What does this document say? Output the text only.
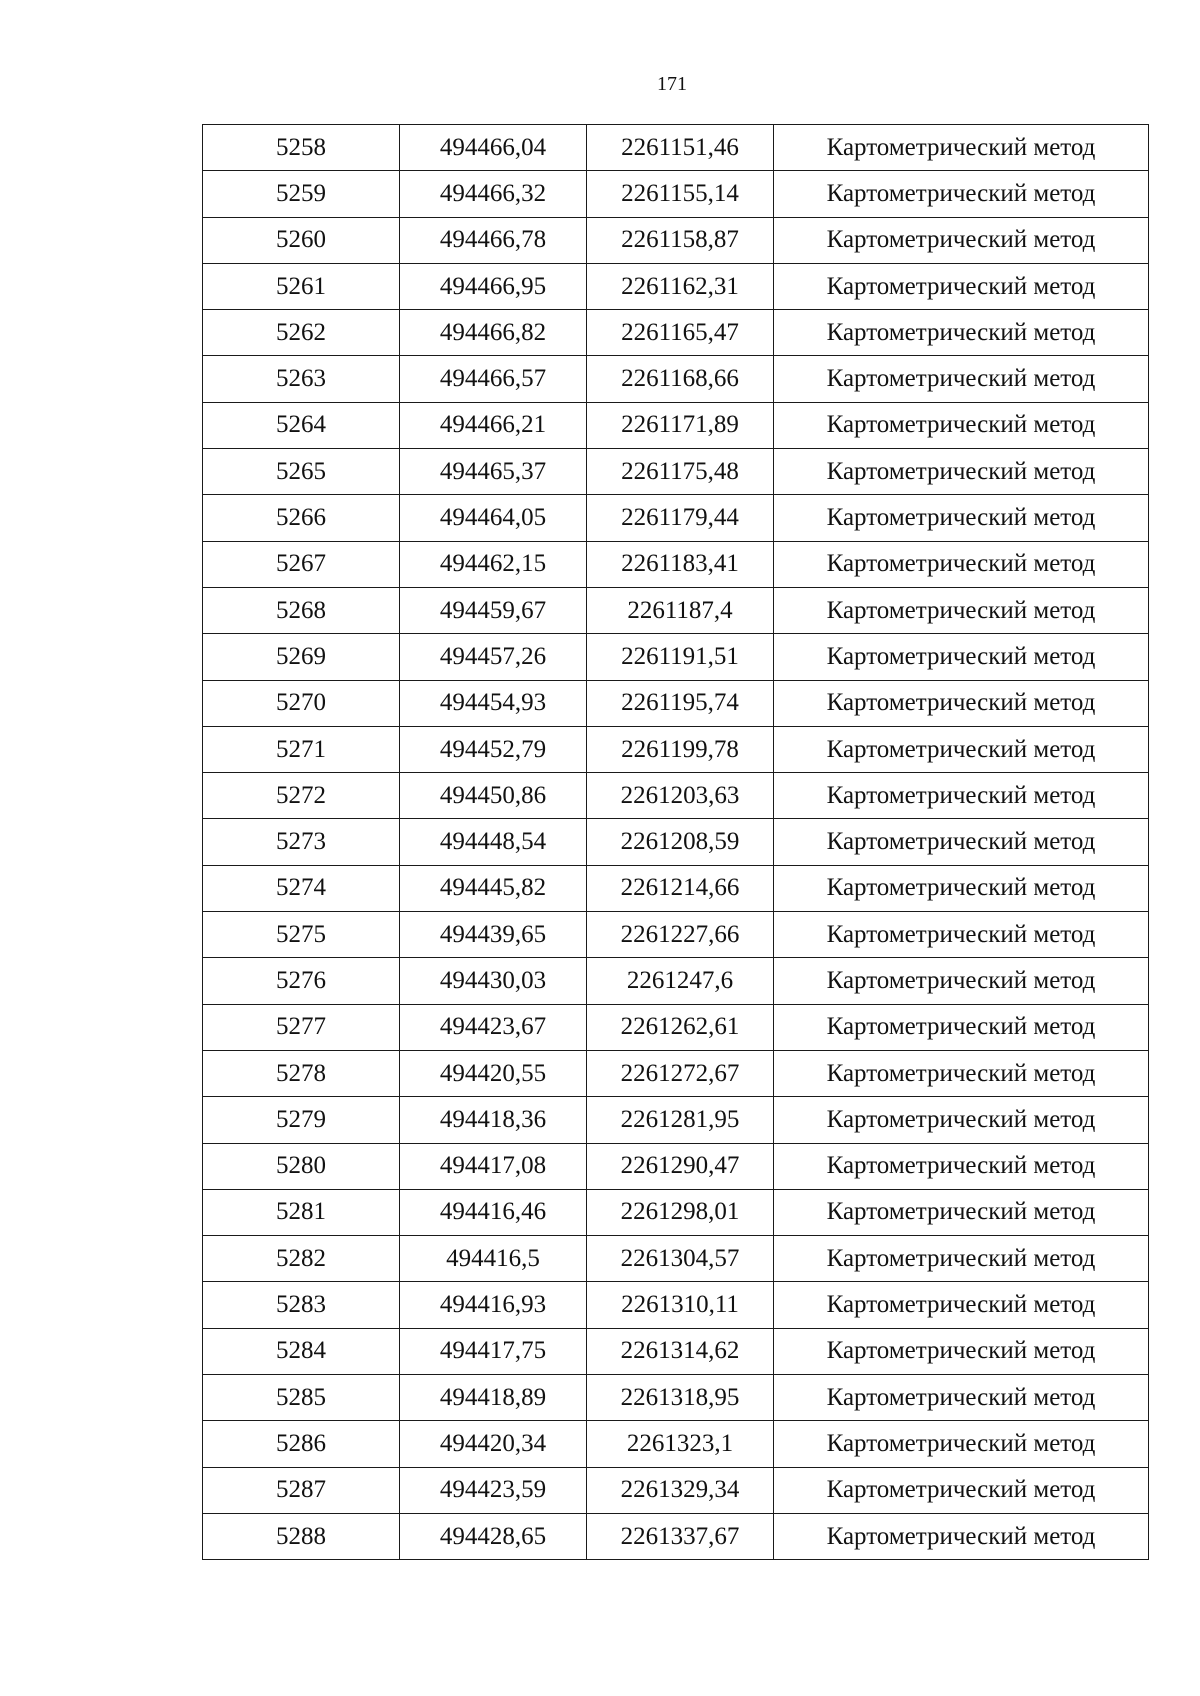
171
5258	494466,04	2261151,46	Картометрический метод
5259	494466,32	2261155,14	Картометрический метод
5260	494466,78	2261158,87	Картометрический метод
5261	494466,95	2261162,31	Картометрический метод
5262	494466,82	2261165,47	Картометрический метод
5263	494466,57	2261168,66	Картометрический метод
5264	494466,21	2261171,89	Картометрический метод
5265	494465,37	2261175,48	Картометрический метод
5266	494464,05	2261179,44	Картометрический метод
5267	494462,15	2261183,41	Картометрический метод
5268	494459,67	2261187,4	Картометрический метод
5269	494457,26	2261191,51	Картометрический метод
5270	494454,93	2261195,74	Картометрический метод
5271	494452,79	2261199,78	Картометрический метод
5272	494450,86	2261203,63	Картометрический метод
5273	494448,54	2261208,59	Картометрический метод
5274	494445,82	2261214,66	Картометрический метод
5275	494439,65	2261227,66	Картометрический метод
5276	494430,03	2261247,6	Картометрический метод
5277	494423,67	2261262,61	Картометрический метод
5278	494420,55	2261272,67	Картометрический метод
5279	494418,36	2261281,95	Картометрический метод
5280	494417,08	2261290,47	Картометрический метод
5281	494416,46	2261298,01	Картометрический метод
5282	494416,5	2261304,57	Картометрический метод
5283	494416,93	2261310,11	Картометрический метод
5284	494417,75	2261314,62	Картометрический метод
5285	494418,89	2261318,95	Картометрический метод
5286	494420,34	2261323,1	Картометрический метод
5287	494423,59	2261329,34	Картометрический метод
5288	494428,65	2261337,67	Картометрический метод
